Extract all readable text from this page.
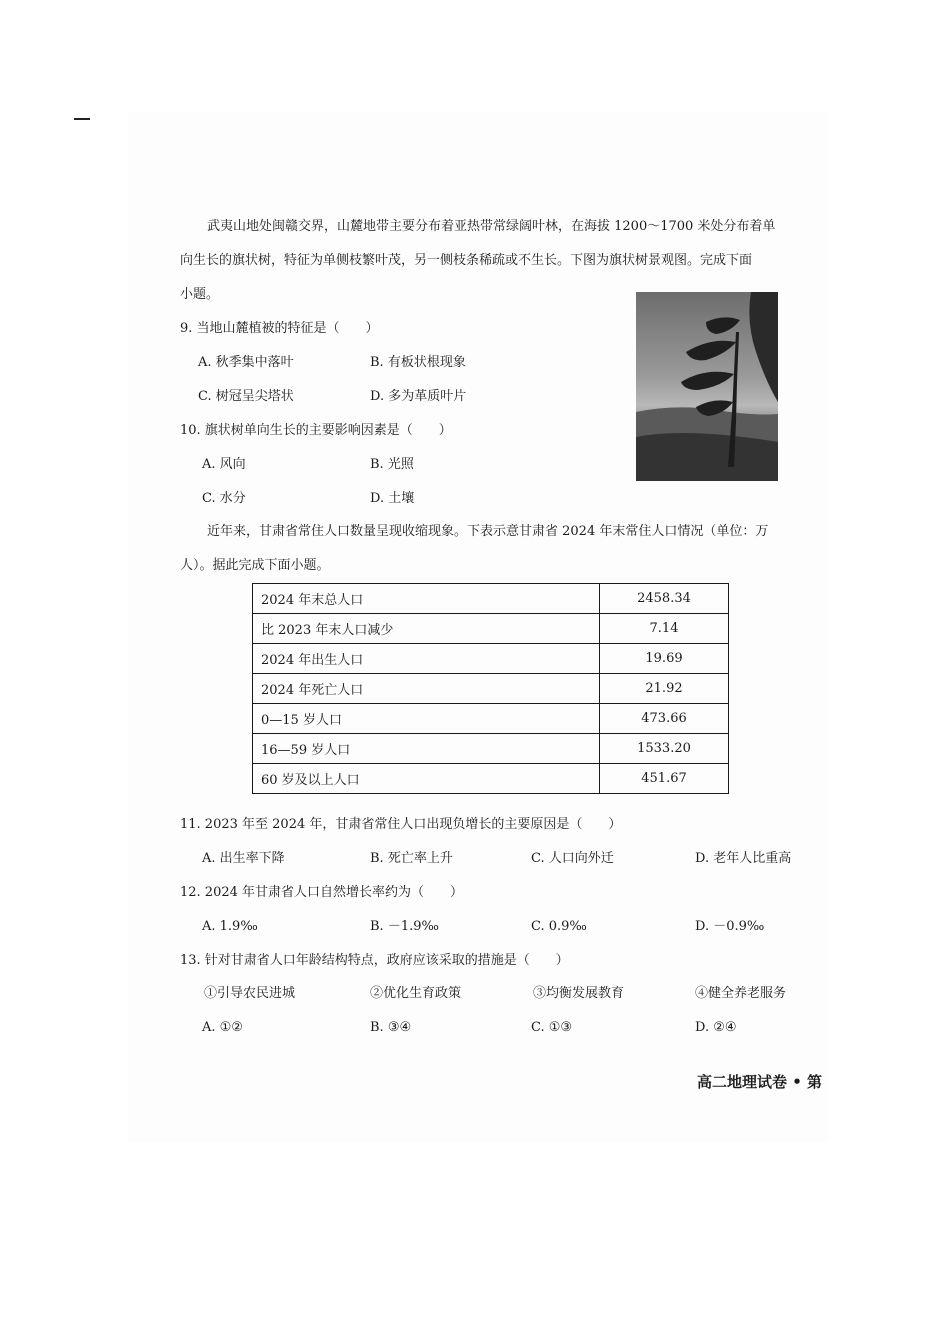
武夷山地处闽赣交界，山麓地带主要分布着亚热带常绿阔叶林，在海拔 1200～1700 米处分布着单
向生长的旗状树，特征为单侧枝繁叶茂，另一侧枝条稀疏或不生长。下图为旗状树景观图。完成下面
小题。
9. 当地山麓植被的特征是（　　）
A. 秋季集中落叶	B. 有板状根现象
C. 树冠呈尖塔状	D. 多为革质叶片
10. 旗状树单向生长的主要影响因素是（　　）
A. 风向	B. 光照
C. 水分	D. 土壤
近年来，甘肃省常住人口数量呈现收缩现象。下表示意甘肃省 2024 年末常住人口情况（单位：万
人）。据此完成下面小题。
2024 年末总人口	2458.34
比 2023 年末人口减少	7.14
2024 年出生人口	19.69
2024 年死亡人口	21.92
0—15 岁人口	473.66
16—59 岁人口	1533.20
60 岁及以上人口	451.67
11. 2023 年至 2024 年，甘肃省常住人口出现负增长的主要原因是（　　）
A. 出生率下降	B. 死亡率上升	C. 人口向外迁	D. 老年人比重高
12. 2024 年甘肃省人口自然增长率约为（　　）
A. 1.9‰	B. －1.9‰	C. 0.9‰	D. －0.9‰
13. 针对甘肃省人口年龄结构特点，政府应该采取的措施是（　　）
①引导农民进城	②优化生育政策	③均衡发展教育	④健全养老服务
A. ①②	B. ③④	C. ①③	D. ②④
高二地理试卷 • 第
